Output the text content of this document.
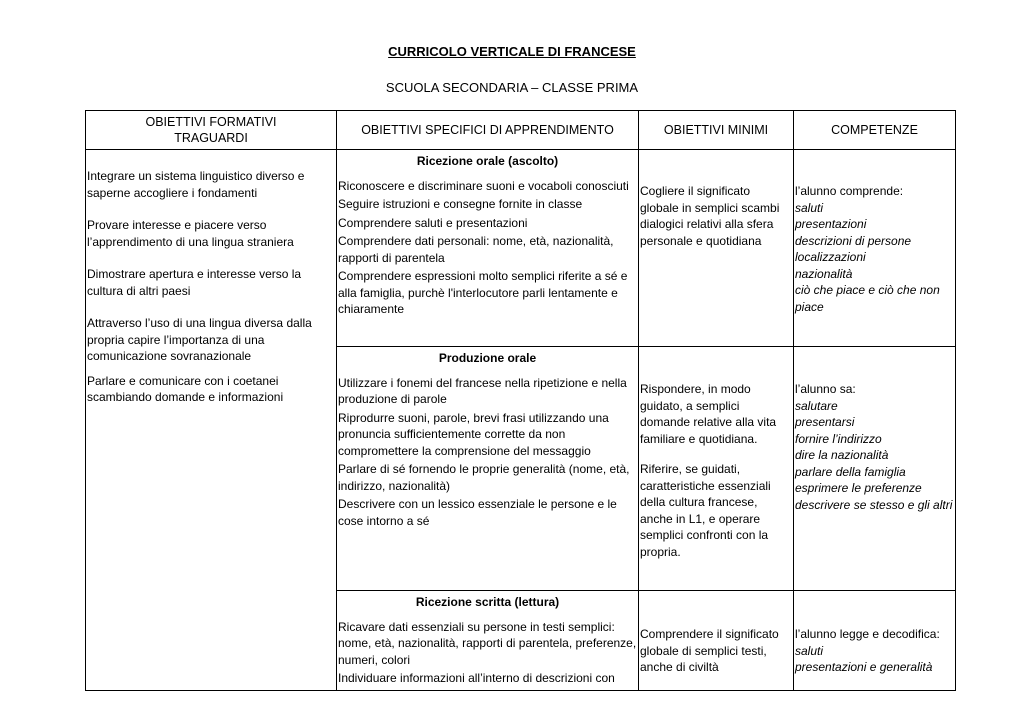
CURRICOLO VERTICALE DI FRANCESE
SCUOLA SECONDARIA – CLASSE PRIMA
OBIETTIVI FORMATIVI
TRAGUARDI
OBIETTIVI SPECIFICI DI APPRENDIMENTO	OBIETTIVI MINIMI	COMPETENZE

Integrare un sistema linguistico diverso e saperne accogliere i fondamenti

Provare interesse e piacere verso l’apprendimento di una lingua straniera

Dimostrare apertura e interesse verso la cultura di altri paesi

Attraverso l’uso di una lingua diversa dalla propria capire l’importanza di una comunicazione sovranazionale

Parlare e comunicare con i coetanei scambiando domande e informazioni

Ricezione orale (ascolto)
Riconoscere e discriminare suoni e vocaboli conosciuti
Seguire istruzioni e consegne fornite in classe
Comprendere saluti e presentazioni
Comprendere dati personali: nome, età, nazionalità, rapporti di parentela
Comprendere espressioni molto semplici riferite a sé e alla famiglia, purchè l'interlocutore parli lentamente e chiaramente
Cogliere il significato globale in semplici scambi dialogici relativi alla sfera personale e quotidiana
l’alunno comprende:
saluti
presentazioni
descrizioni di persone
localizzazioni
nazionalità
ciò che piace e ciò che non piace
Produzione orale
Utilizzare i fonemi del francese nella ripetizione e nella produzione di parole
Riprodurre suoni, parole, brevi frasi utilizzando una pronuncia sufficientemente corrette da non compromettere la comprensione del messaggio
Parlare di sé fornendo le proprie generalità (nome, età, indirizzo, nazionalità)
Descrivere con un lessico essenziale le persone e le cose intorno a sé
Rispondere, in modo guidato, a semplici domande relative alla vita familiare e quotidiana.
Riferire, se guidati, caratteristiche essenziali della cultura francese, anche in L1, e operare semplici confronti con la propria.
l’alunno sa:
salutare
presentarsi
fornire l’indirizzo
dire la nazionalità
parlare della famiglia
esprimere le preferenze
descrivere se stesso e gli altri
Ricezione scritta (lettura)
Ricavare dati essenziali su persone in testi semplici: nome, età, nazionalità, rapporti di parentela, preferenze, numeri, colori
Individuare informazioni all’interno di descrizioni con
Comprendere il significato globale di semplici testi, anche di civiltà
l’alunno legge e decodifica:
saluti
presentazioni e generalità
